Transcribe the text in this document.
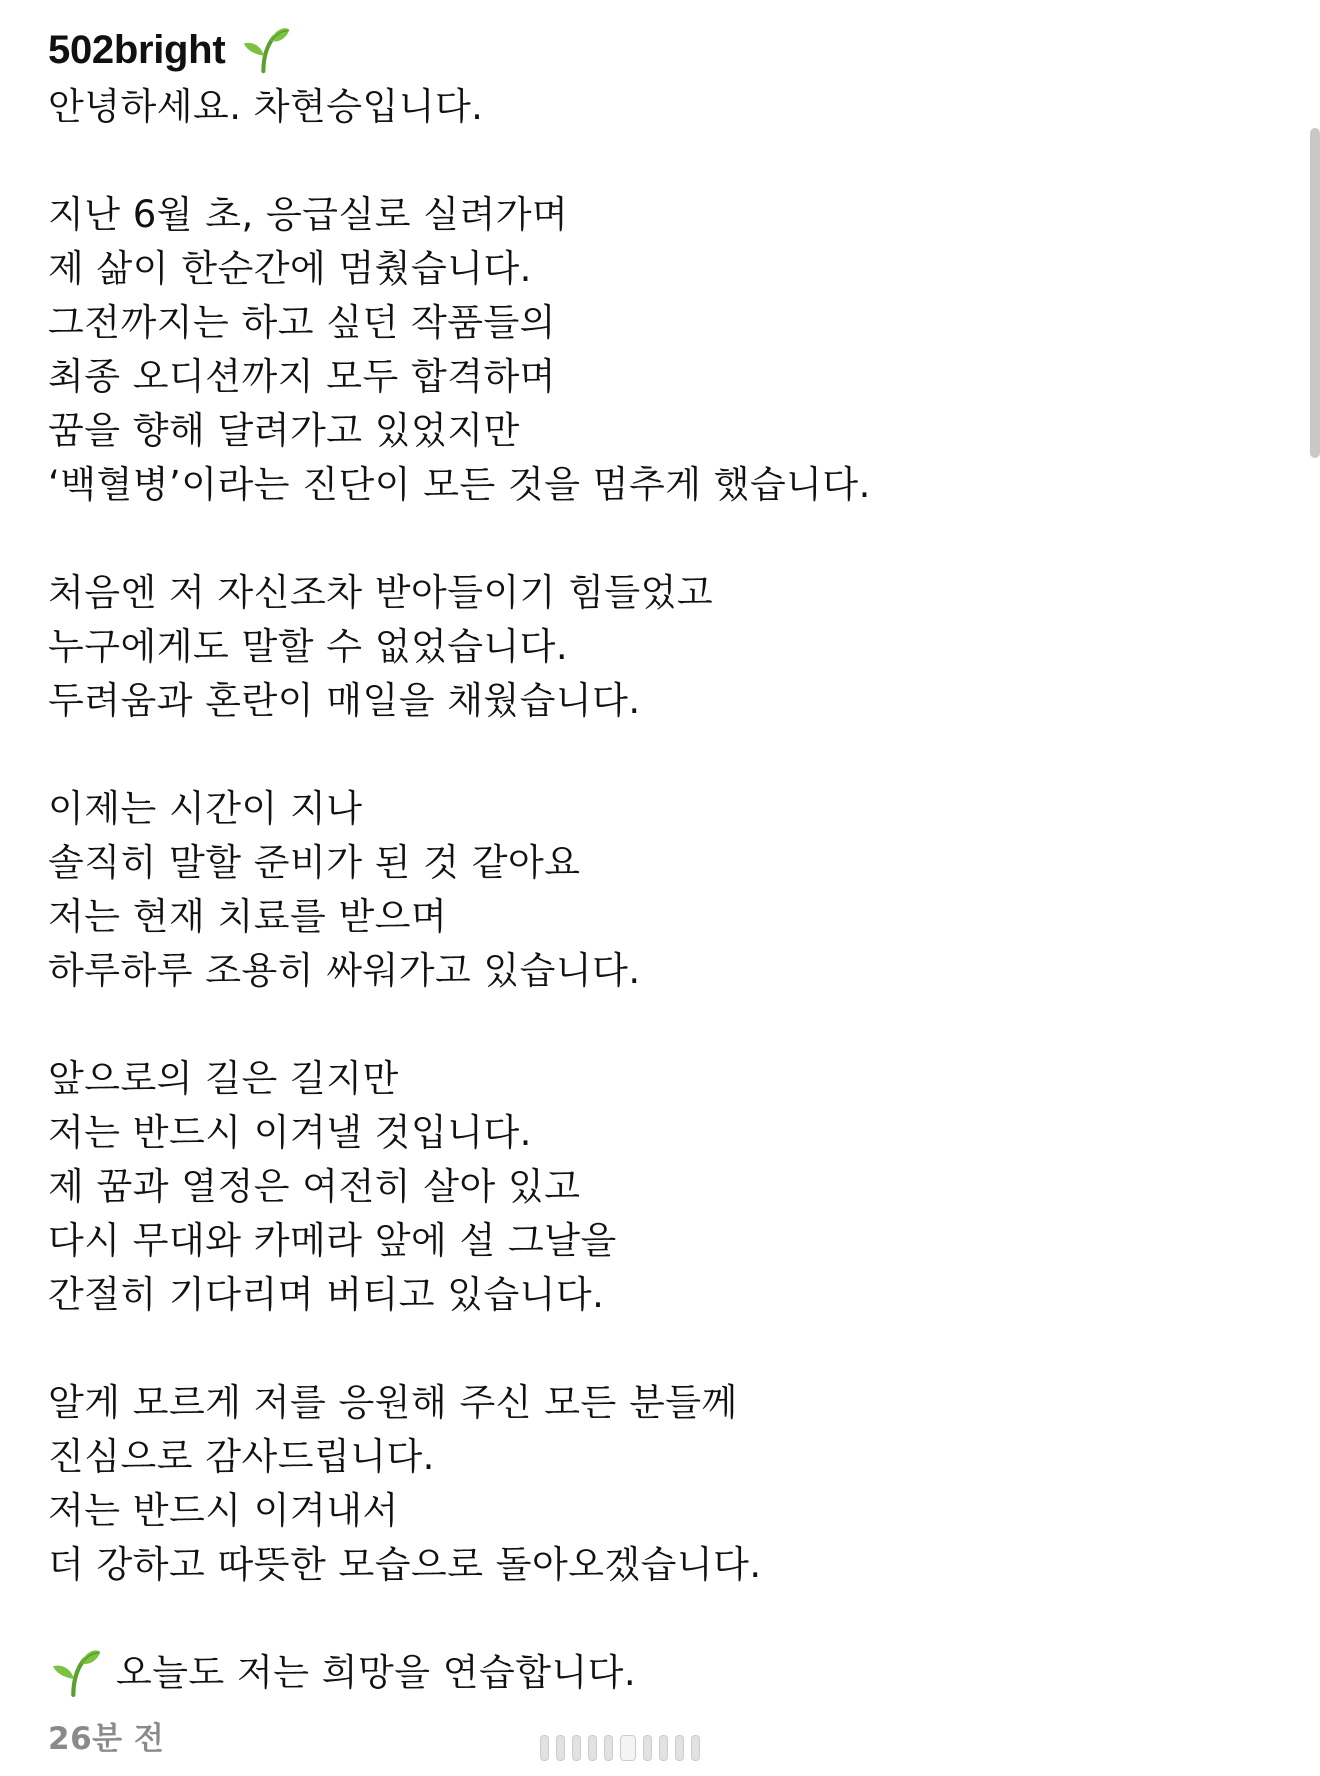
502bright
안녕하세요. 차현승입니다.
지난 6월 초, 응급실로 실려가며
제 삶이 한순간에 멈췄습니다.
그전까지는 하고 싶던 작품들의
최종 오디션까지 모두 합격하며
꿈을 향해 달려가고 있었지만
‘백혈병’이라는 진단이 모든 것을 멈추게 했습니다.
처음엔 저 자신조차 받아들이기 힘들었고
누구에게도 말할 수 없었습니다.
두려움과 혼란이 매일을 채웠습니다.
이제는 시간이 지나
솔직히 말할 준비가 된 것 같아요
저는 현재 치료를 받으며
하루하루 조용히 싸워가고 있습니다.
앞으로의 길은 길지만
저는 반드시 이겨낼 것입니다.
제 꿈과 열정은 여전히 살아 있고
다시 무대와 카메라 앞에 설 그날을
간절히 기다리며 버티고 있습니다.
알게 모르게 저를 응원해 주신 모든 분들께
진심으로 감사드립니다.
저는 반드시 이겨내서
더 강하고 따뜻한 모습으로 돌아오겠습니다.
오늘도 저는 희망을 연습합니다.
26분 전
